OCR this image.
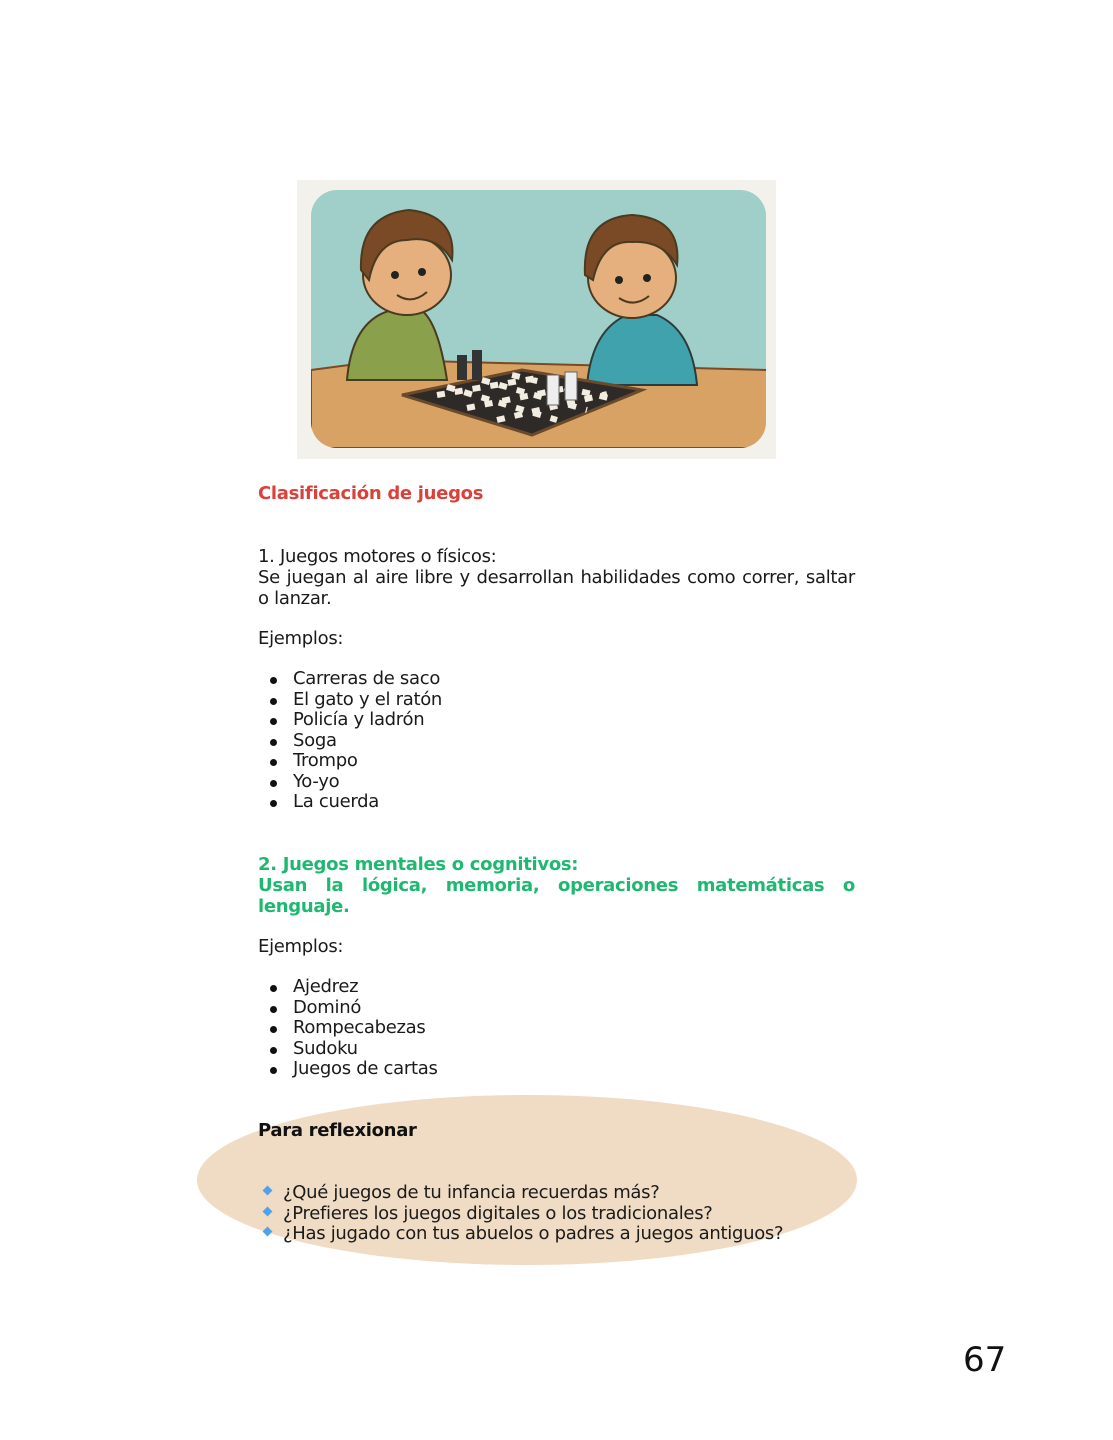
Clasificación de juegos
1. Juegos motores o físicos:
Se juegan al aire libre y desarrollan habilidades como correr, saltar o lanzar.
Ejemplos:
Carreras de saco
El gato y el ratón
Policía y ladrón
Soga
Trompo
Yo-yo
La cuerda
2. Juegos mentales o cognitivos:
Usan la lógica, memoria, operaciones matemáticas o lenguaje.
Ejemplos:
Ajedrez
Dominó
Rompecabezas
Sudoku
Juegos de cartas
Para reflexionar
¿Qué juegos de tu infancia recuerdas más?
¿Prefieres los juegos digitales o los tradicionales?
¿Has jugado con tus abuelos o padres a juegos antiguos?
67
